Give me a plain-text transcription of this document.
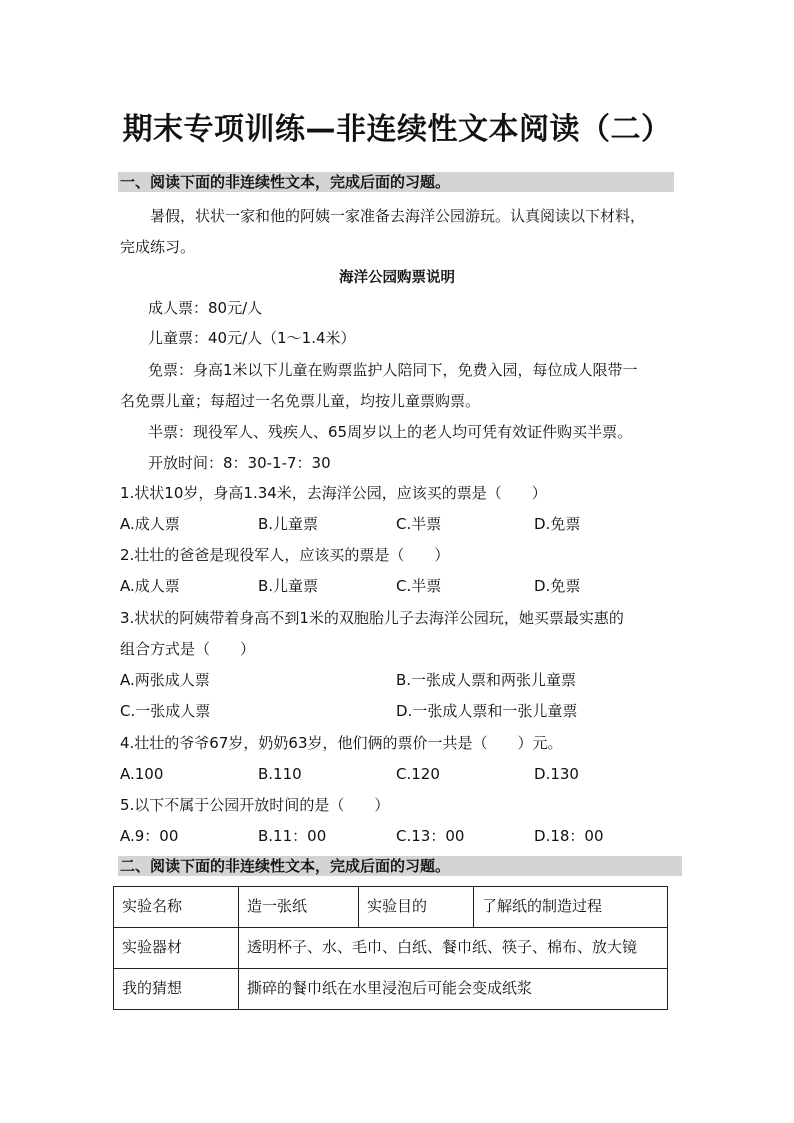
期末专项训练—非连续性文本阅读（二）
一、阅读下面的非连续性文本，完成后面的习题。
暑假，状状一家和他的阿姨一家准备去海洋公园游玩。认真阅读以下材料，
完成练习。
海洋公园购票说明
成人票：80元/人
儿童票：40元/人（1～1.4米）
免票：身高1米以下儿童在购票监护人陪同下，免费入园，每位成人限带一
名免票儿童；每超过一名免票儿童，均按儿童票购票。
半票：现役军人、残疾人、65周岁以上的老人均可凭有效证件购买半票。
开放时间：8：30-1-7：30
1.状状10岁，身高1.34米，去海洋公园，应该买的票是（　　）
A.成人票	B.儿童票	C.半票	D.免票
2.壮壮的爸爸是现役军人，应该买的票是（　　）
A.成人票	B.儿童票	C.半票	D.免票
3.状状的阿姨带着身高不到1米的双胞胎儿子去海洋公园玩，她买票最实惠的
组合方式是（　　）
A.两张成人票	B.一张成人票和两张儿童票
C.一张成人票	D.一张成人票和一张儿童票
4.壮壮的爷爷67岁，奶奶63岁，他们俩的票价一共是（　　）元。
A.100	B.110	C.120	D.130
5.以下不属于公园开放时间的是（　　）
A.9：00	B.11：00	C.13：00	D.18：00
二、阅读下面的非连续性文本，完成后面的习题。
实验名称	造一张纸	实验目的	了解纸的制造过程
实验器材	透明杯子、水、毛巾、白纸、餐巾纸、筷子、棉布、放大镜		
我的猜想	撕碎的餐巾纸在水里浸泡后可能会变成纸浆		
